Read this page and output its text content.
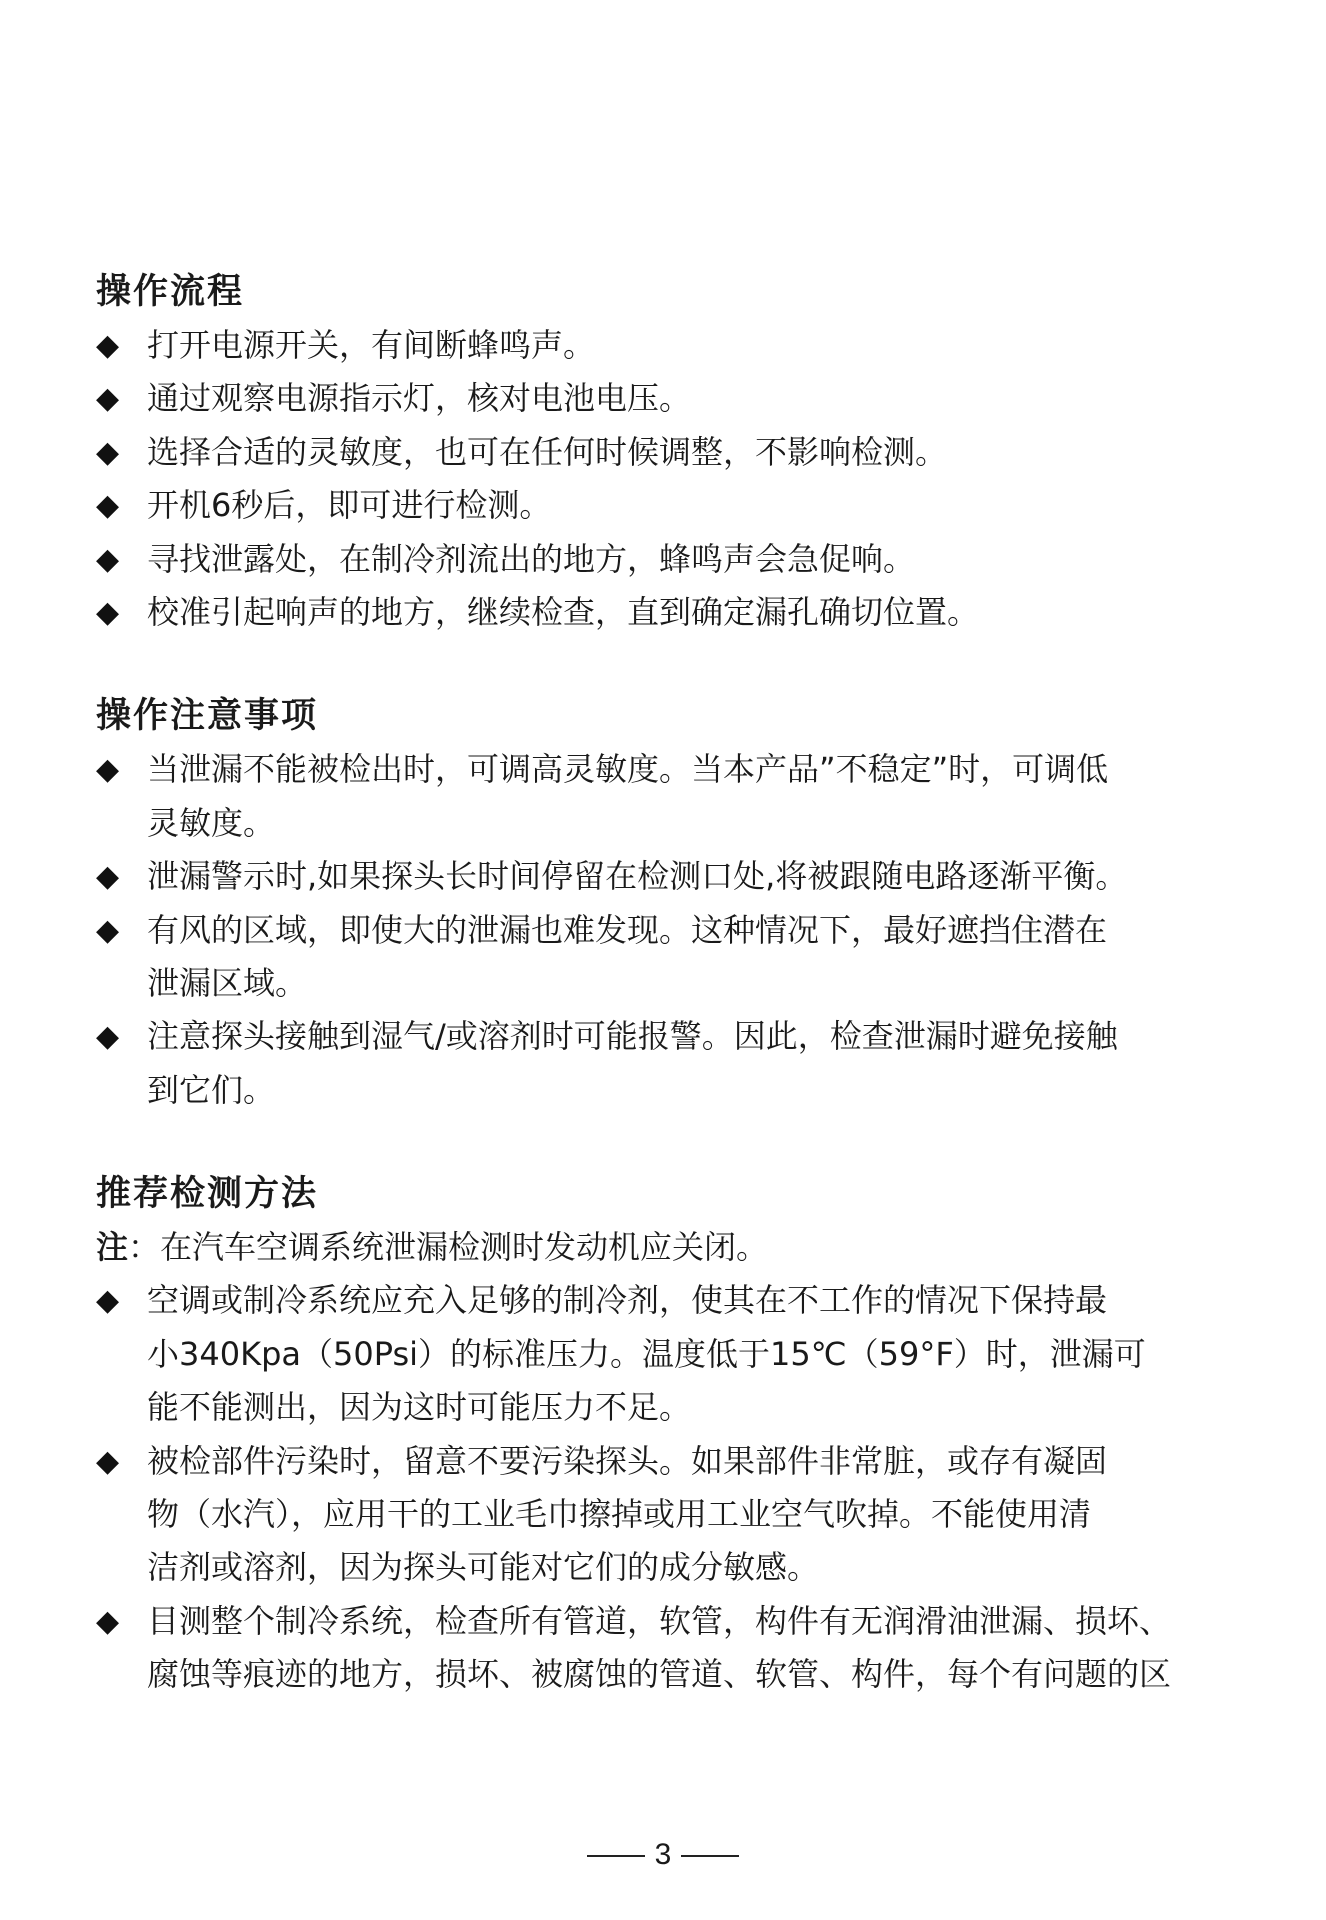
操作流程
◆ 打开电源开关，有间断蜂鸣声。
◆ 通过观察电源指示灯，核对电池电压。
◆ 选择合适的灵敏度，也可在任何时候调整，不影响检测。
◆ 开机6秒后，即可进行检测。
◆ 寻找泄露处，在制冷剂流出的地方，蜂鸣声会急促响。
◆ 校准引起响声的地方，继续检查，直到确定漏孔确切位置。
操作注意事项
◆ 当泄漏不能被检出时，可调高灵敏度。当本产品”不稳定”时，可调低
灵敏度。
◆ 泄漏警示时,如果探头长时间停留在检测口处,将被跟随电路逐渐平衡。
◆ 有风的区域，即使大的泄漏也难发现。这种情况下，最好遮挡住潜在
泄漏区域。
◆ 注意探头接触到湿气/或溶剂时可能报警。因此，检查泄漏时避免接触
到它们。
推荐检测方法
注：在汽车空调系统泄漏检测时发动机应关闭。
◆ 空调或制冷系统应充入足够的制冷剂，使其在不工作的情况下保持最
小340Kpa（50Psi）的标准压力。温度低于15℃（59°F）时，泄漏可
能不能测出，因为这时可能压力不足。
◆ 被检部件污染时，留意不要污染探头。如果部件非常脏，或存有凝固
物（水汽），应用干的工业毛巾擦掉或用工业空气吹掉。不能使用清
洁剂或溶剂，因为探头可能对它们的成分敏感。
◆ 目测整个制冷系统，检查所有管道，软管，构件有无润滑油泄漏、损坏、
腐蚀等痕迹的地方，损坏、被腐蚀的管道、软管、构件，每个有问题的区
3
